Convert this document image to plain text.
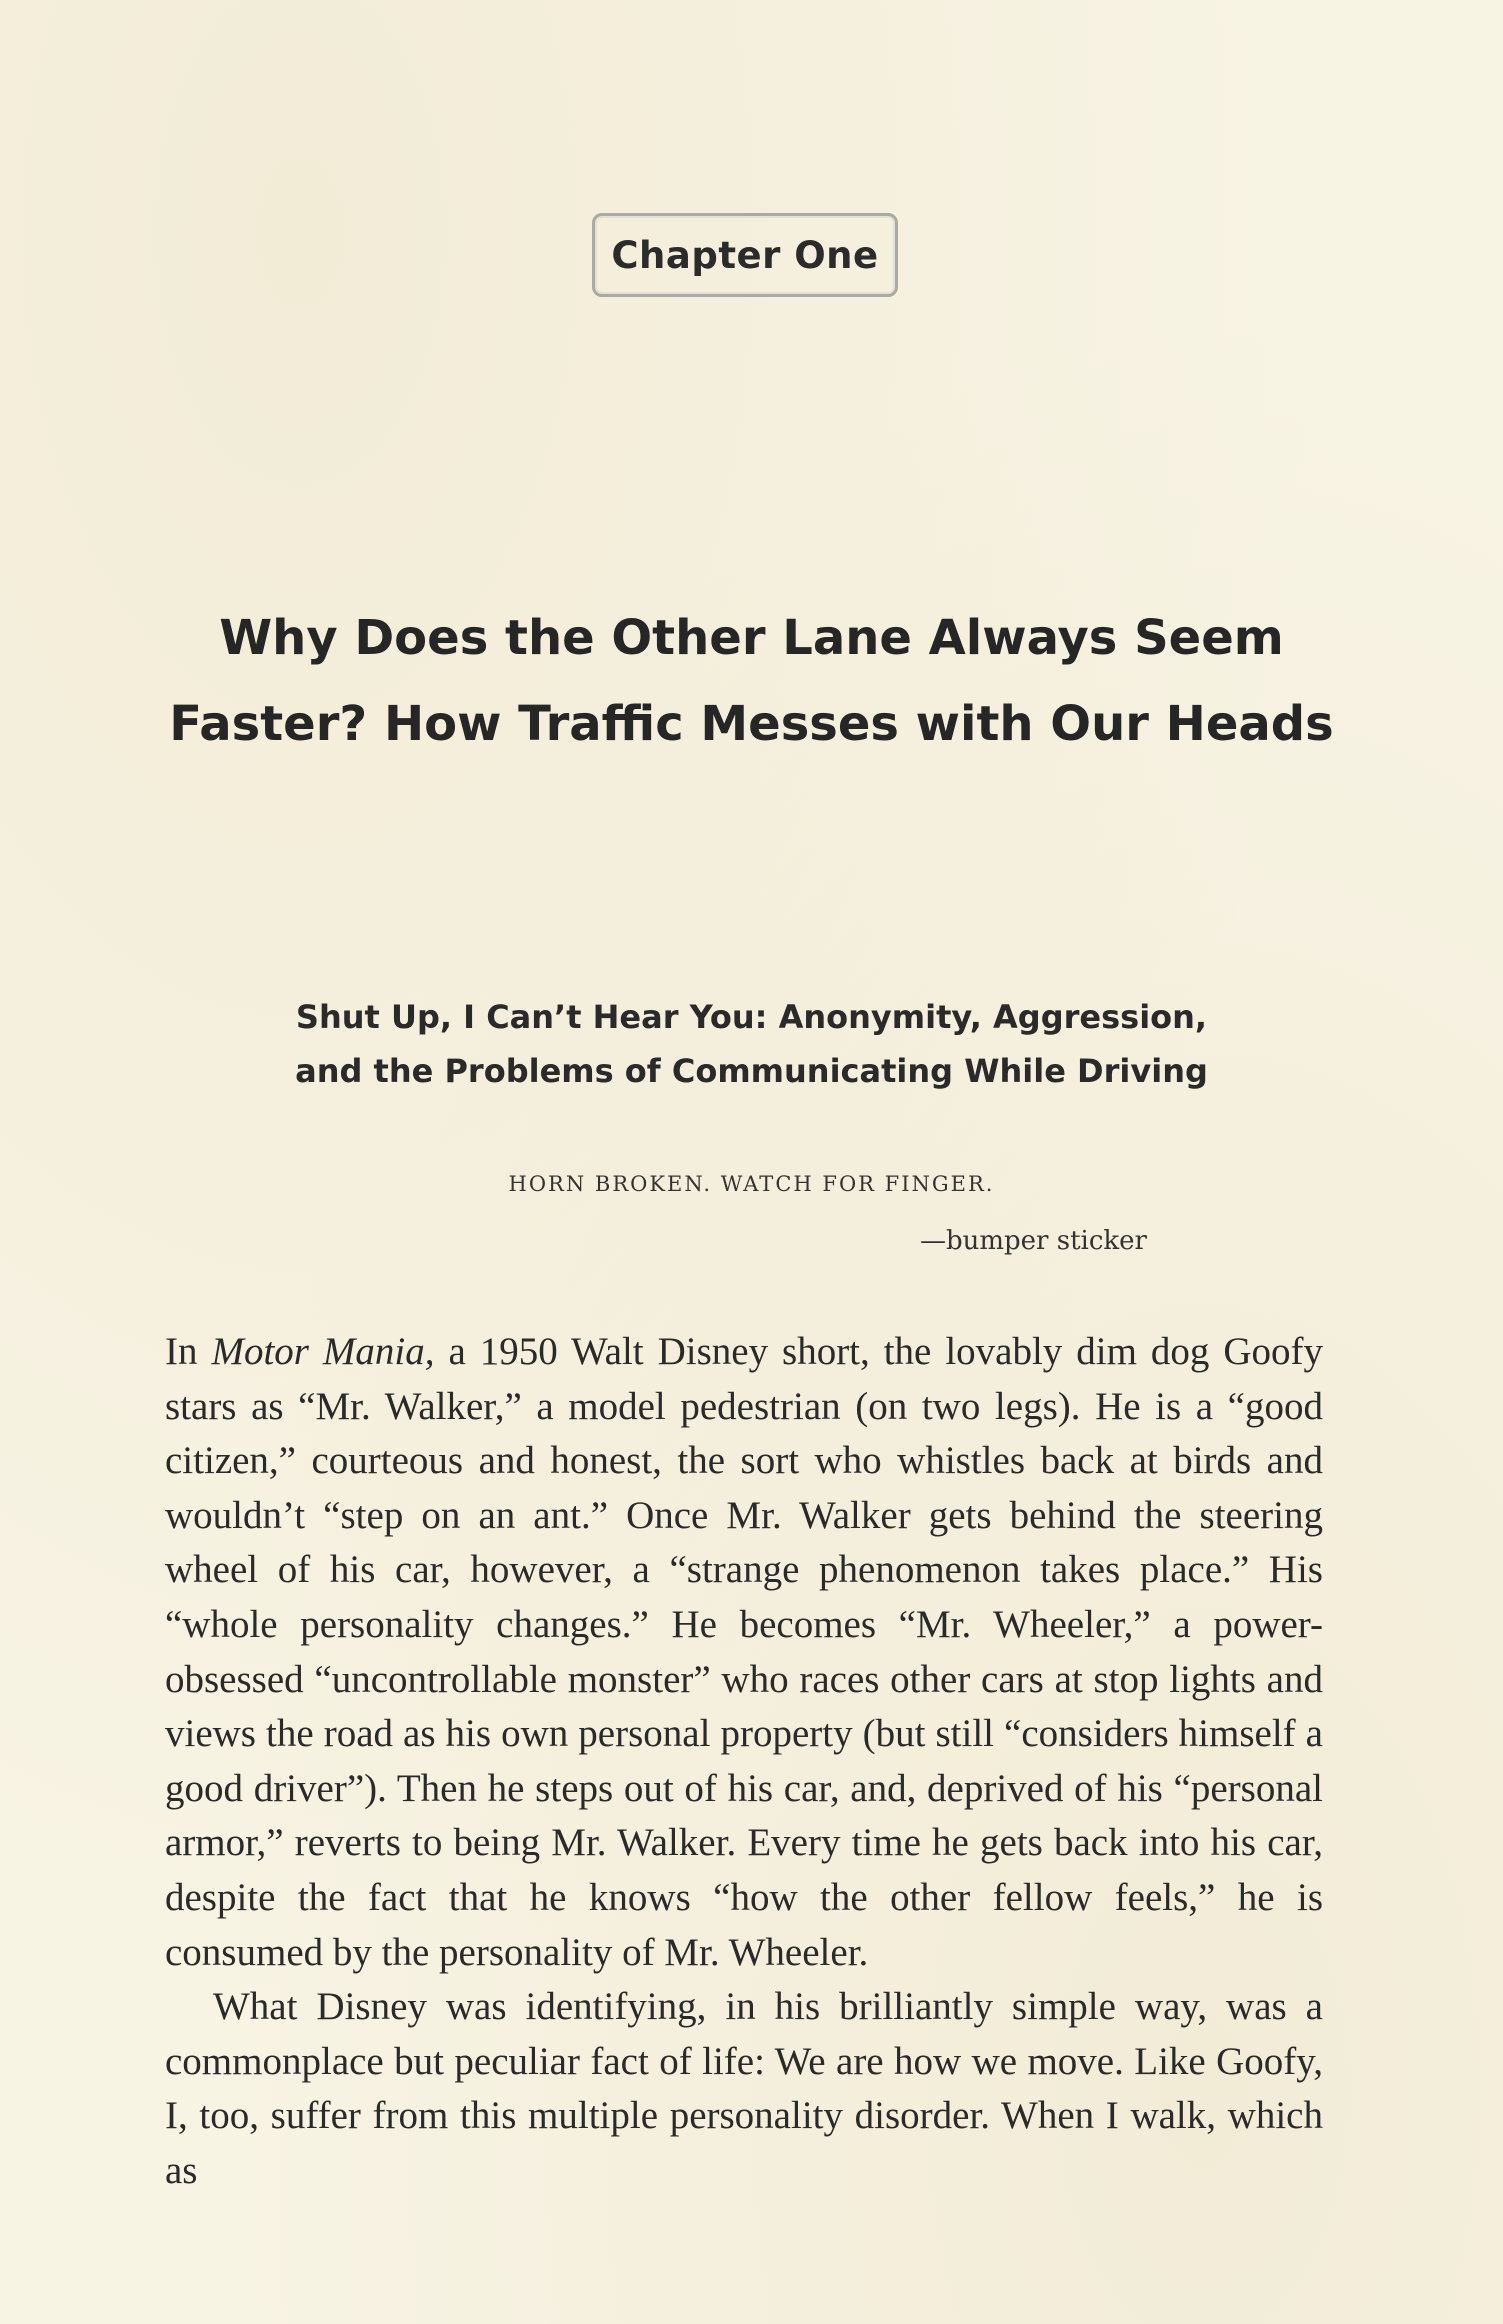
Chapter One
Why Does the Other Lane Always Seem
Faster? How Traffic Messes with Our Heads
Shut Up, I Can’t Hear You: Anonymity, Aggression,
and the Problems of Communicating While Driving
HORN BROKEN. WATCH FOR FINGER.
—bumper sticker

In Motor Mania, a 1950 Walt Disney short, the lovably dim dog Goofy stars as “Mr. Walker,” a model pedestrian (on two legs). He is a “good citizen,” courteous and honest, the sort who whistles back at birds and wouldn’t “step on an ant.” Once Mr. Walker gets behind the steering wheel of his car, however, a “strange phenomenon takes place.” His “whole personality changes.” He becomes “Mr. Wheeler,” a power-obsessed “uncontrollable monster” who races other cars at stop lights and views the road as his own personal property (but still “considers himself a good driver”). Then he steps out of his car, and, deprived of his “personal armor,” reverts to being Mr. Walker. Every time he gets back into his car, despite the fact that he knows “how the other fellow feels,” he is consumed by the personality of Mr. Wheeler.

What Disney was identifying, in his brilliantly simple way, was a commonplace but peculiar fact of life: We are how we move. Like Goofy, I, too, suffer from this multiple personality disorder. When I walk, which as
